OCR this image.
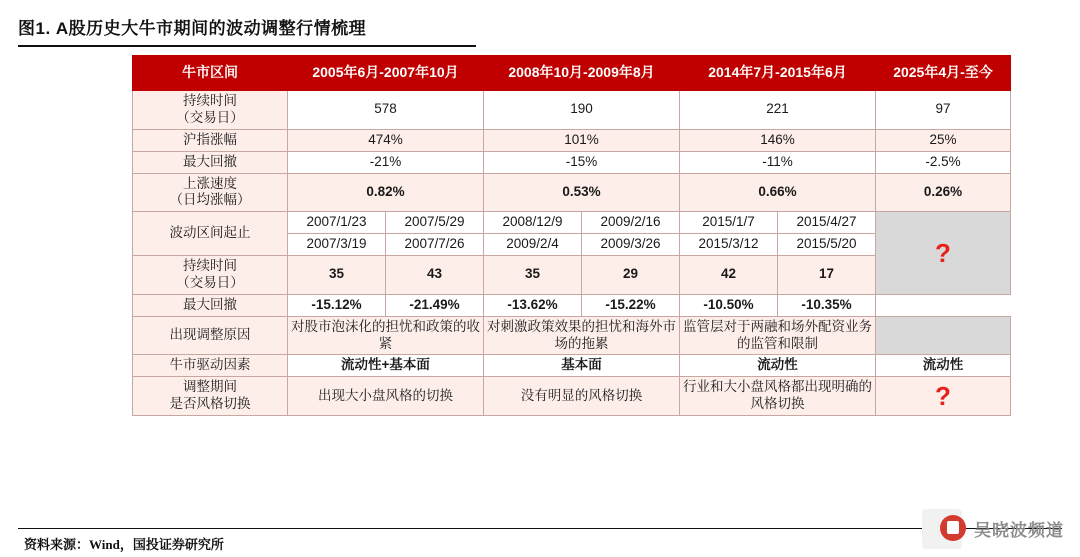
图1. A股历史大牛市期间的波动调整行情梳理
牛市区间	2005年6月-2007年10月		2008年10月-2009年8月		2014年7月-2015年6月		2025年4月-至今

持续时间
（交易日）	578		190		221		97
沪指涨幅	474%		101%		146%		25%
最大回撤	-21%		-15%		-11%		-2.5%

上涨速度
（日均涨幅）	0.82%		0.53%		0.66%		0.26%
波动区间起止	2007/1/23	2007/5/29	2008/12/9	2009/2/16	2015/1/7	2015/4/27	?
	2007/3/19	2007/7/26	2009/2/4	2009/3/26	2015/3/12	2015/5/20	

持续时间
（交易日）	35	43	35	29	42	17	
最大回撤	-15.12%	-21.49%	-13.62%	-15.22%	-10.50%	-10.35%	
出现调整原因	对股市泡沫化的担忧和政策的收紧		对刺激政策效果的担忧和海外市场的拖累		监管层对于两融和场外配资业务的监管和限制		
牛市驱动因素	流动性+基本面		基本面		流动性		流动性

调整期间
是否风格切换	出现大小盘风格的切换		没有明显的风格切换		行业和大小盘风格都出现明确的风格切换		?
资料来源：Wind，国投证券研究所
吴晓波频道
